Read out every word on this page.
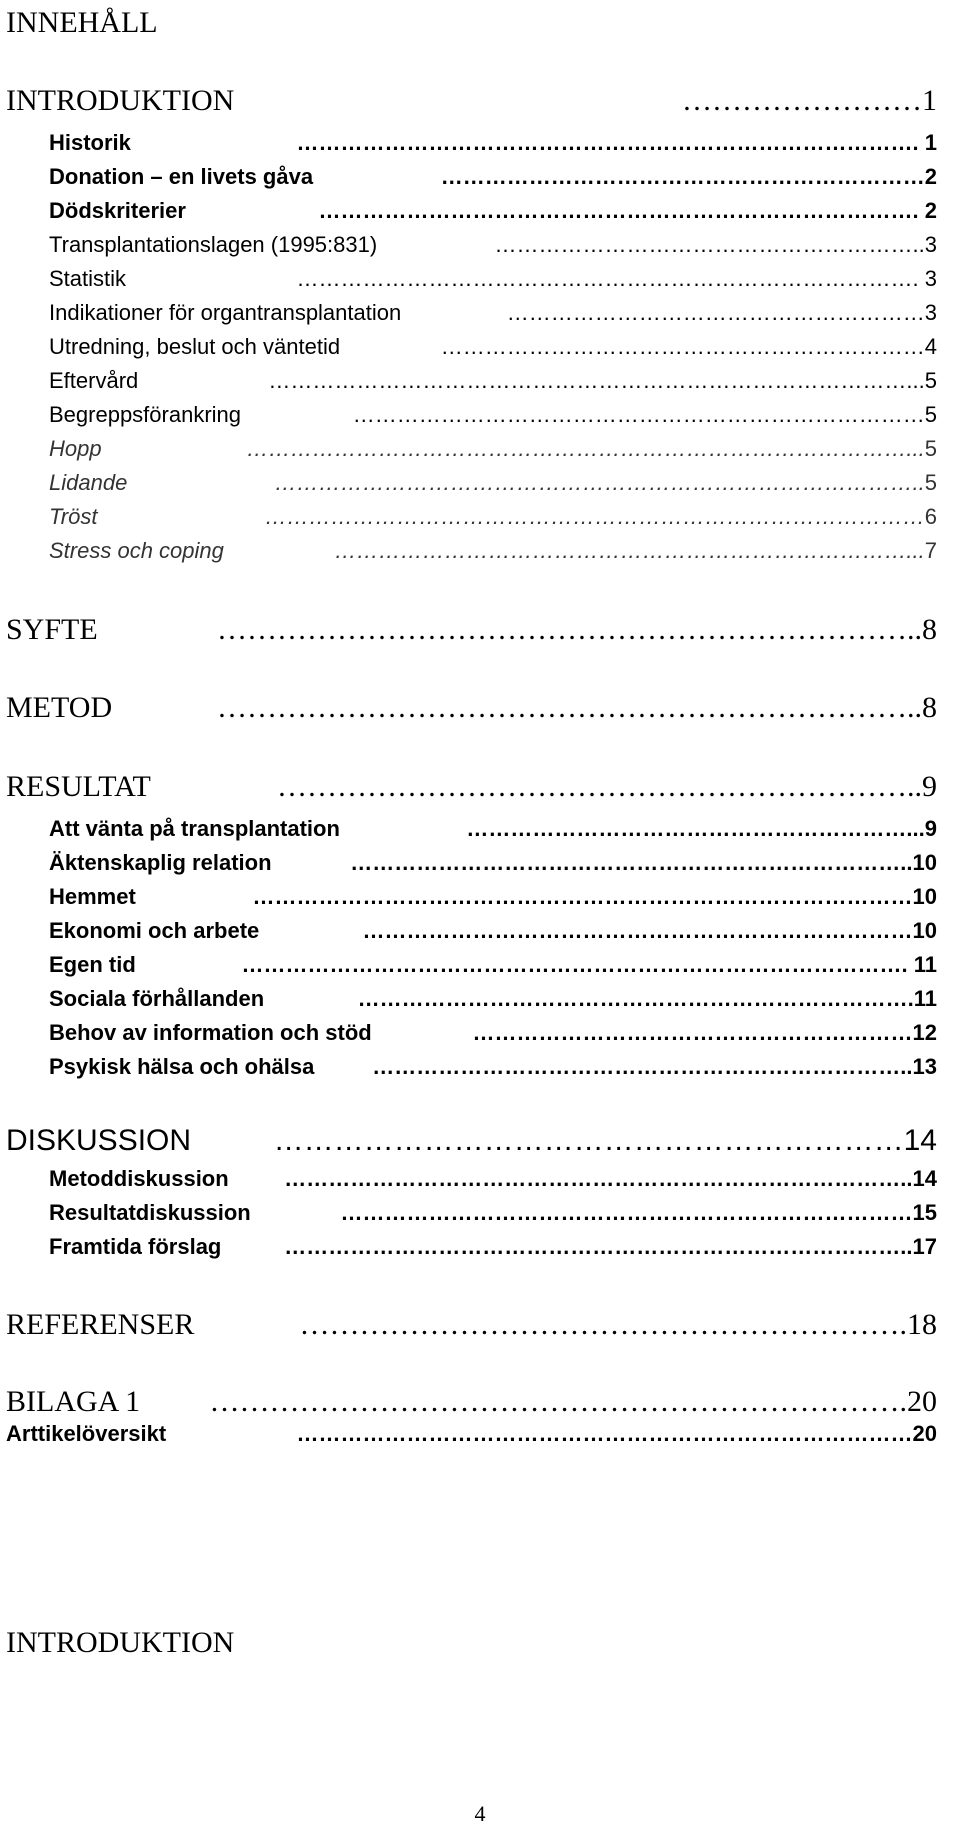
INNEHÅLL
INTRODUKTION	…………………… 1
Historik	………………………………………………………………………… . 1
Donation – en livets gåva	………………………………………………………… 2
Dödskriterier	……………………………………………………………………… . 2
Transplantationslagen (1995:831)	………………………………………………….. 3
Statistik	………………………………………………………………………… . 3
Indikationer för organtransplantation	………………………………………………… 3
Utredning, beslut och väntetid	………………………………………………………… 4
Eftervård	……………………………………………………………………………... 5
Begreppsförankring	…………………………………………………………………… 5
Hopp	………………………………………………………………………………... 5
Lidande	…………………………………………………………………………….. 5
Tröst	……………………………………………………………………………… 6
Stress och coping	……………………………………………………………………... 7
SYFTE	…………………………………………………………….. 8
METOD	…………………………………………………………….. 8
RESULTAT	……………………………………………………….. 9
Att vänta på transplantation	……………………………………………………... 9
Äktenskaplig relation	………………………………………………………………….. 10
Hemmet	……………………………………………………………………………… 10
Ekonomi och arbete	………………………………………………………………… 10
Egen tid	……………………………………………………………………………… . 11
Sociala förhållanden	………………………………………………………………… .11
Behov av information och stöd	…………………………………………………… 12
Psykisk hälsa och ohälsa	……………………………………………………………….. 13
DISKUSSION	……………………………………………………… 14
Metoddiskussion	………………………………………………………………………….. 14
Resultatdiskussion	…………………………………………………………………… 15
Framtida förslag	………………………………………………………………………….. 17
REFERENSER	……………………………………………………. 18
BILAGA 1	……………………………………………………………. 20
Arttikelöversikt	………………………………………………………………………… 20
INTRODUKTION
4
